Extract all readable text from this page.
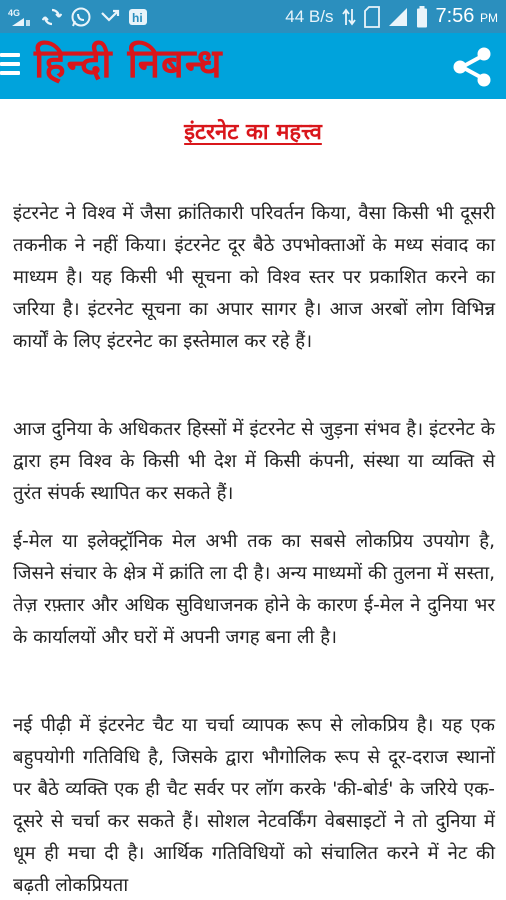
4G	hi	44 B/s	7:56 PM
हिन्दी निबन्ध
इंटरनेट का महत्त्व

इंटरनेट ने विश्व में जैसा क्रांतिकारी परिवर्तन किया, वैसा किसी भी दूसरी तकनीक ने नहीं किया। इंटरनेट दूर बैठे उपभोक्ताओं के मध्य संवाद का माध्यम है। यह किसी भी सूचना को विश्व स्तर पर प्रकाशित करने का जरिया है। इंटरनेट सूचना का अपार सागर है। आज अरबों लोग विभिन्न कार्यों के लिए इंटरनेट का इस्तेमाल कर रहे हैं।

आज दुनिया के अधिकतर हिस्सों में इंटरनेट से जुड़ना संभव है। इंटरनेट के द्वारा हम विश्व के किसी भी देश में किसी कंपनी, संस्था या व्यक्ति से तुरंत संपर्क स्थापित कर सकते हैं।

ई-मेल या इलेक्ट्रॉनिक मेल अभी तक का सबसे लोकप्रिय उपयोग है, जिसने संचार के क्षेत्र में क्रांति ला दी है। अन्य माध्यमों की तुलना में सस्ता, तेज़ रफ़्तार और अधिक सुविधाजनक होने के कारण ई-मेल ने दुनिया भर के कार्यालयों और घरों में अपनी जगह बना ली है।

नई पीढ़ी में इंटरनेट चैट या चर्चा व्यापक रूप से लोकप्रिय है। यह एक बहुपयोगी गतिविधि है, जिसके द्वारा भौगोलिक रूप से दूर-दराज स्थानों पर बैठे व्यक्ति एक ही चैट सर्वर पर लॉग करके 'की-बोर्ड' के जरिये एक-दूसरे से चर्चा कर सकते हैं। सोशल नेटवर्किंग वेबसाइटों ने तो दुनिया में धूम ही मचा दी है। आर्थिक गतिविधियों को संचालित करने में नेट की बढ़ती लोकप्रियता
